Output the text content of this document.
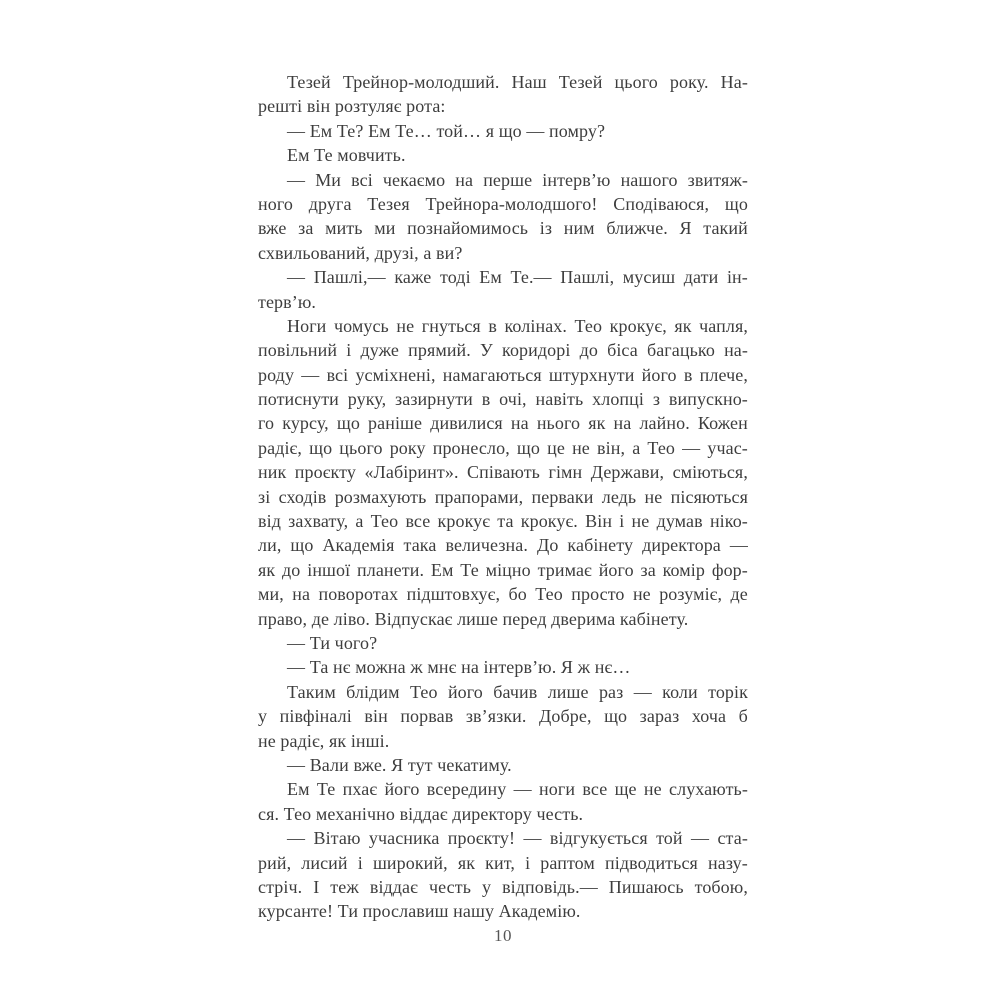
Тезей Трейнор-молодший. Наш Тезей цього року. На-
решті він розтуляє рота:
— Ем Те? Ем Те… той… я що — помру?
Ем Те мовчить.
— Ми всі чекаємо на перше інтерв’ю нашого звитяж-
ного друга Тезея Трейнора-молодшого! Сподіваюся, що
вже за мить ми познайомимось із ним ближче. Я такий
схвильований, друзі, а ви?
— Пашлі,— каже тоді Ем Те.— Пашлі, мусиш дати ін-
терв’ю.
Ноги чомусь не гнуться в колінах. Тео крокує, як чапля,
повільний і дуже прямий. У коридорі до біса багацько на-
роду — всі усміхнені, намагаються штурхнути його в плече,
потиснути руку, зазирнути в очі, навіть хлопці з випускно-
го курсу, що раніше дивилися на нього як на лайно. Кожен
радіє, що цього року пронесло, що це не він, а Тео — учас-
ник проєкту «Лабіринт». Співають гімн Держави, сміються,
зі сходів розмахують прапорами, перваки ледь не пісяються
від захвату, а Тео все крокує та крокує. Він і не думав ніко-
ли, що Академія така величезна. До кабінету директора —
як до іншої планети. Ем Те міцно тримає його за комір фор-
ми, на поворотах підштовхує, бо Тео просто не розуміє, де
право, де ліво. Відпускає лише перед дверима кабінету.
— Ти чого?
— Та нє можна ж мнє на інтерв’ю. Я ж нє…
Таким блідим Тео його бачив лише раз — коли торік
у півфіналі він порвав зв’язки. Добре, що зараз хоча б
не радіє, як інші.
— Вали вже. Я тут чекатиму.
Ем Те пхає його всередину — ноги все ще не слухають-
ся. Тео механічно віддає директору честь.
— Вітаю учасника проєкту! — відгукується той — ста-
рий, лисий і широкий, як кит, і раптом підводиться назу-
стріч. І теж віддає честь у відповідь.— Пишаюсь тобою,
курсанте! Ти прославиш нашу Академію.
10
